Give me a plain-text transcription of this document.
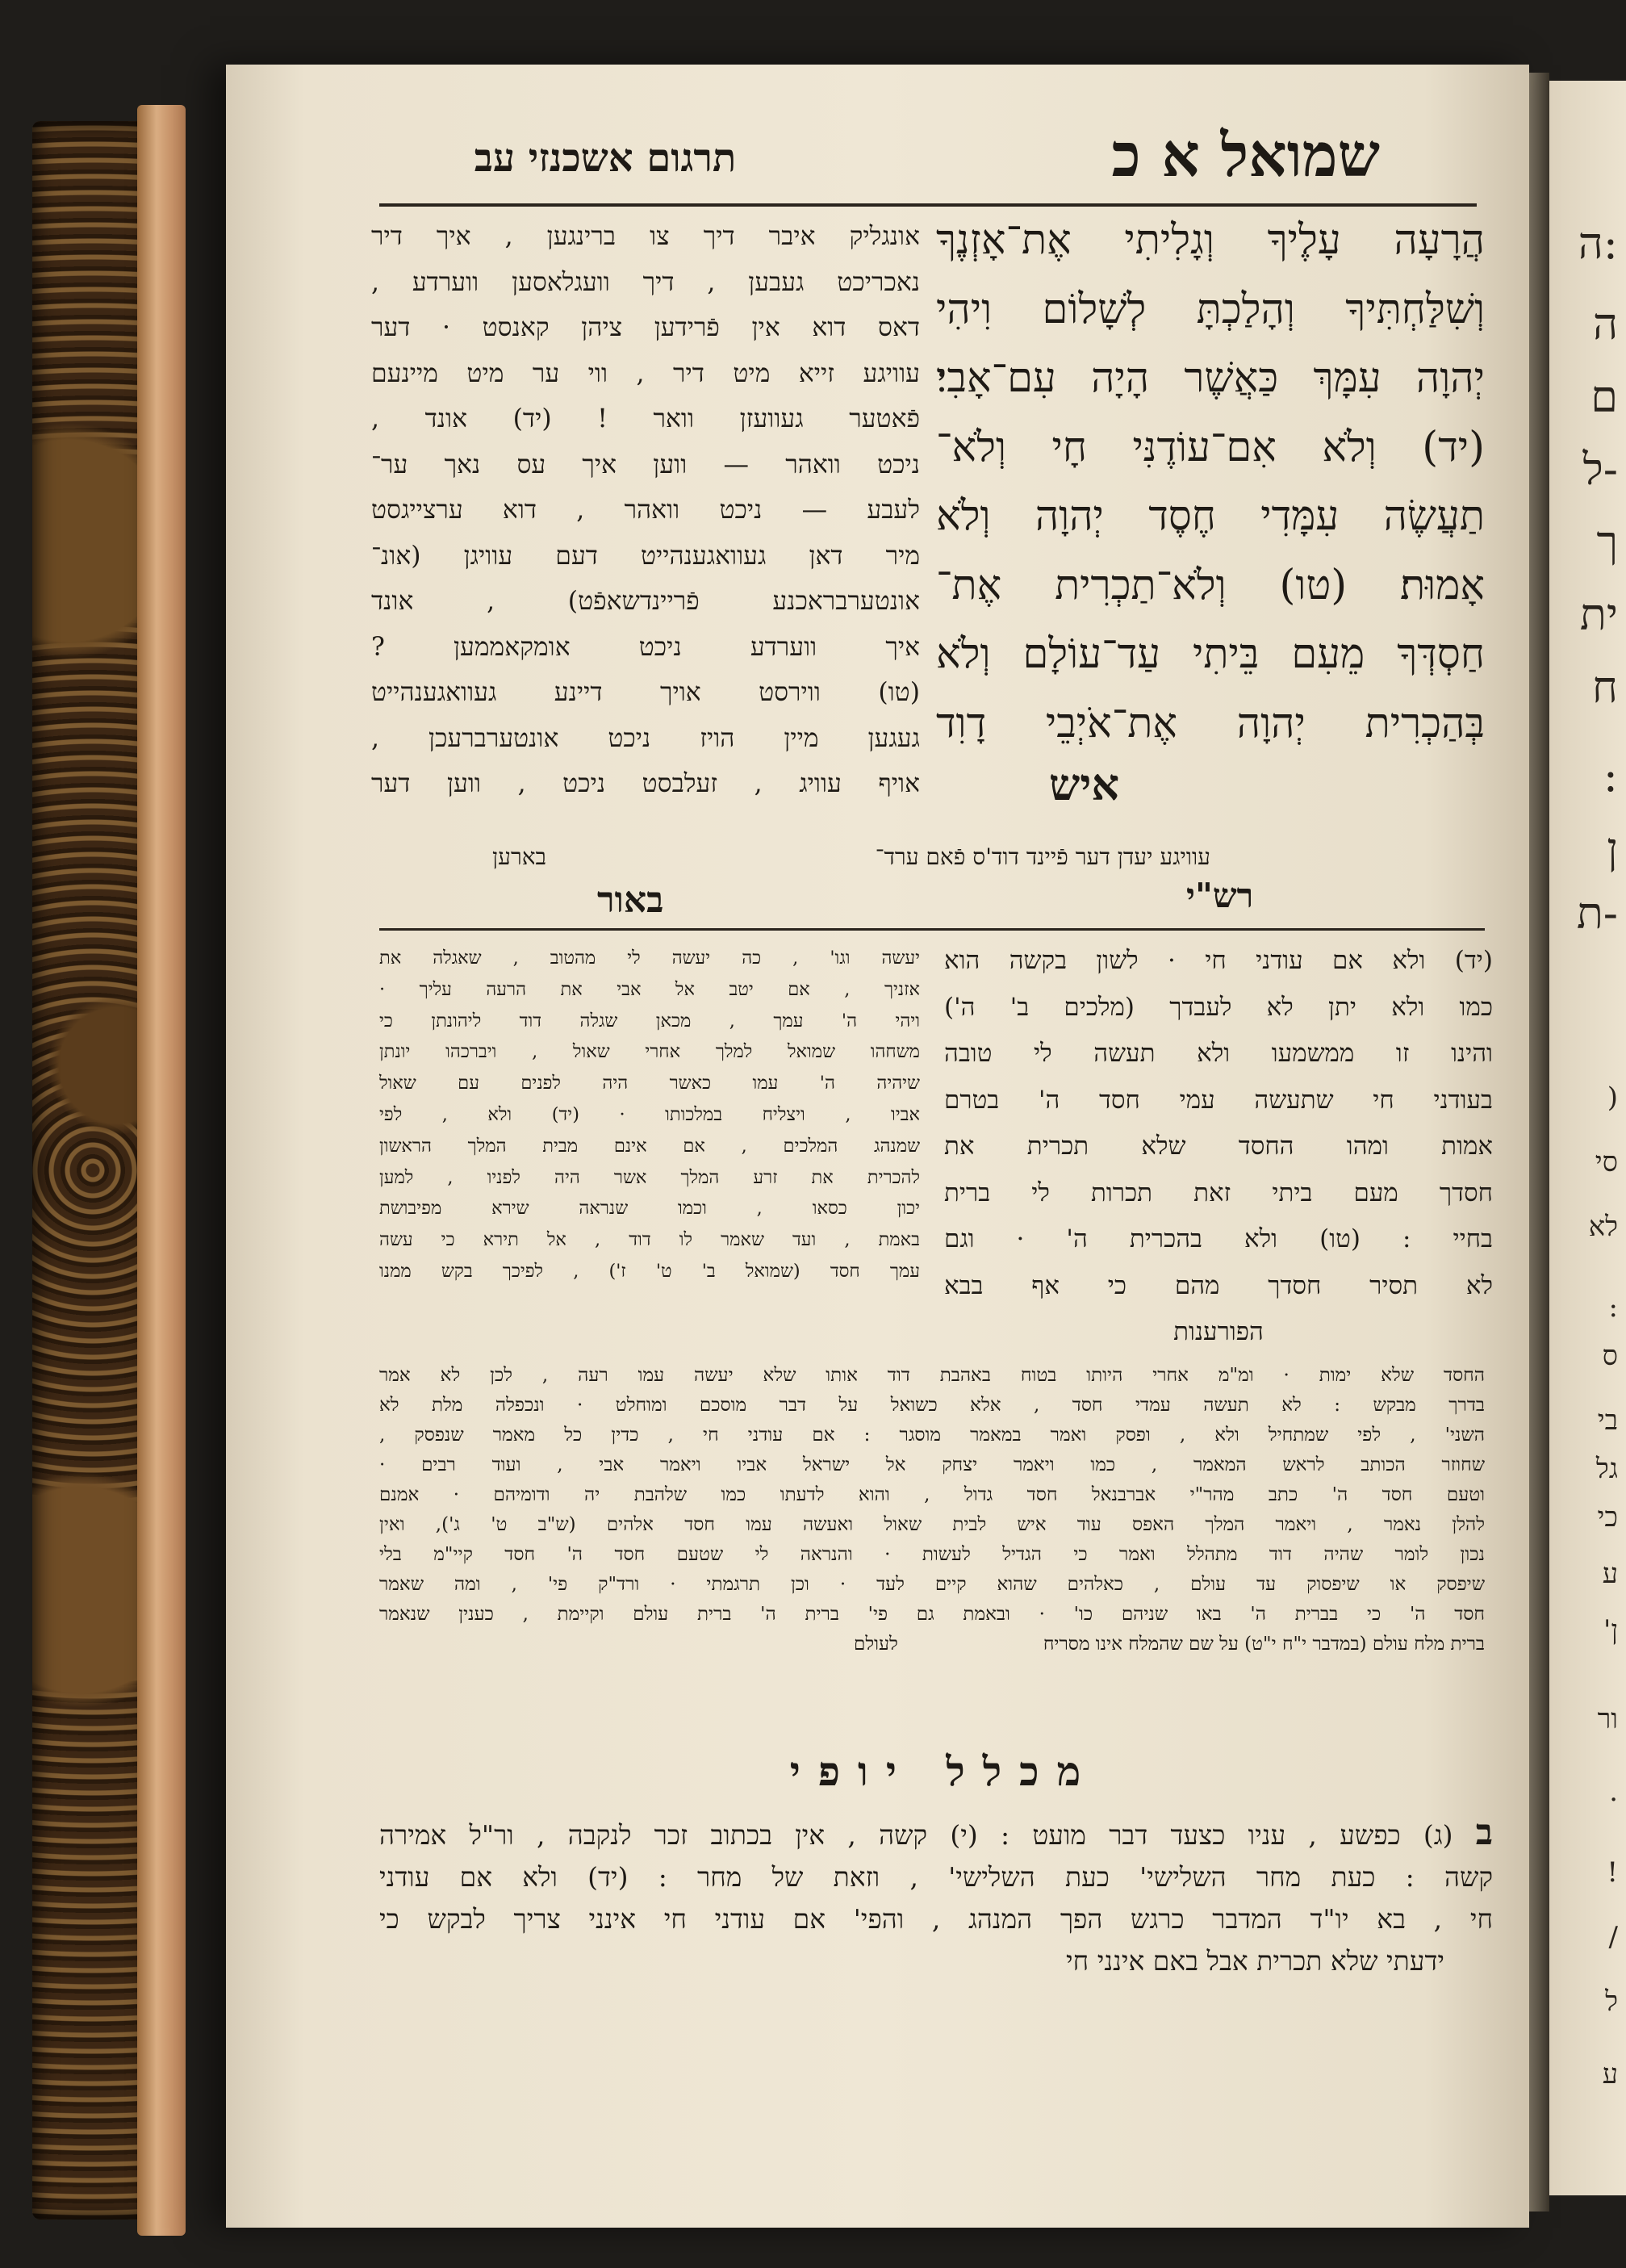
:ה
ה
ם
-ל
ך
ית
ח
:
ן
-ת
(
סי
לא
:
ס
בי
גל
כי
ע
ן'
ור
·
!
/
ל
ע
שמואל א כ
תרגום אשכנזי עב
הֲרָעָה עָלֶיךָ וְגָלִיתִי אֶת־אָזְנֶךָ
וְשִׁלַּחְתִּיךָ וְהָלַכְתָּ לְשָׁלוֹם וִיהִי
יְהוָה עִמָּךְ כַּאֲשֶׁר הָיָה עִם־אָבִי׃
(יד) וְלֹא אִם־עוֹדֶנִּי חָי וְלֹא־
תַעֲשֶׂה עִמָּדִי חֶסֶד יְהוָה וְלֹא
אָמוּת׃ (טו) וְלֹא־תַכְרִית אֶת־
חַסְדְּךָ מֵעִם בֵּיתִי עַד־עוֹלָם וְלֹא
בְּהַכְרִית יְהוָה אֶת־אֹיְבֵי דָוִד
איש
אונגליק איבר דיך צו ברינגען , איך דיר
נאכריכט געבען , דיך וועגלאסען ווערדע ,
דאס דוא אין פֿרידען ציהן קאנסט · דער
עוויגע זייא מיט דיר , ווי ער מיט מיינעם
פֿאטער געוועזן וואר ! (יד) אונד ,
ניכט וואהר — ווען איך עס נאך ער־
לעבע — ניכט וואהר , דוא ערצייגסט
מיר דאן געוואגענהייט דעם עוויגן (אונ־
אונטערבראכנע פֿריינדשאפֿט) , אונד
איך ווערדע ניכט אומקאממען ?
(טו) ווירסט אויך דיינע געוואגענהייט
געגען מיין הויז ניכט אונטערברעכן ,
אויף עוויג , זעלבסט ניכט , ווען דער
עוויגע יעדן דער פֿיינד דוד'ס פֿאם ערד־
בארען
רש"י
באור
(יד) ולא אם עודני חי · לשון בקשה הוא
כמו ולא יתן לא לעבדך (מלכים ב' ה')
והינו זו ממשמעו ולא תעשה לי טובה
בעודני חי שתעשה עמי חסד ה' בטרם
אמות ומהו החסד שלא תכרית את
חסדך מעם ביתי זאת תכרות לי ברית
בחיי : (טו) ולא בהכרית ה' · וגם
לא תסיר חסדך מהם כי אף בבא
הפורענות
יעשה וגו' , כה יעשה לי מהטוב , שאגלה את
אזניך , אם יטב אל אבי את הרעה עליך ·
ויהי ה' עמך , מכאן שגלה דוד ליהונתן כי
משחהו שמואל למלך אחרי שאול , ויברכהו יונתן
שיהיה ה' עמו כאשר היה לפנים עם שאול
אביו , ויצליח במלכותו · (יד) ולא , לפי
שמנהג המלכים , אם אינם מבית המלך הראשון
להכרית את זרע המלך אשר היה לפניו , למען
יכון כסאו , וכמו שנראה שירא מפיבושת
באמת , ועד שאמר לו דוד , אל תירא כי עשה
עמך חסד (שמואל ב' ט' ז') , לפיכך בקש ממנו
החסד שלא ימות · ומ"מ אחרי היותו בטוח באהבת דוד אותו שלא יעשה עמו רעה , לכן לא אמר
בדרך מבקש : לא תעשה עמדי חסד , אלא כשואל על דבר מוסכם ומוחלט · ונכפלה מלת לא
השני' , לפי שמתחיל ולא , ופסק ואמר במאמר מוסגר : אם עודני חי , כדין כל מאמר שנפסק ,
שחוזר הכותב לראש המאמר , כמו ויאמר יצחק אל ישראל אביו ויאמר אבי , ועוד רבים ·
וטעם חסד ה' כתב מהר"י אברבנאל חסד גדול , והוא לדעתו כמו שלהבת יה ודומיהם · אמנם
להלן נאמר , ויאמר המלך האפס עוד איש לבית שאול ואעשה עמו חסד אלהים (ש"ב ט' ג'), ואין
נכון לומר שהיה דוד מתהלל ואמר כי הגדיל לעשות · והנראה לי שטעם חסד ה' חסד קיי"מ בלי
שיפסק או שיפסוק עד עולם , כאלהים שהוא קיים לעד · וכן תרגמתי · ורד"ק פי' , ומה שאמר
חסד ה' כי בברית ה' באו שניהם כו' · ובאמת גם פי' ברית ה' ברית עולם וקיימת , כענין שנאמר
ברית מלח עולם (במדבר י"ח י"ט) על שם שהמלח אינו מסריחלעולם
מכלל יופי
ב (ג) כפשע , עניו כצעד דבר מועט : (י) קשה , אין בכתוב זכר לנקבה , ור"ל אמירה
קשה : כעת מחר השלישי' כעת השלישי' , וזאת של מחר : (יד) ולא אם עודני
חי , בא יו"ד המדבר כרגש הפך המנהג , והפי' אם עודני חי אינני צריך לבקש כי
ידעתי שלא תכרית אבל באם אינני חי
